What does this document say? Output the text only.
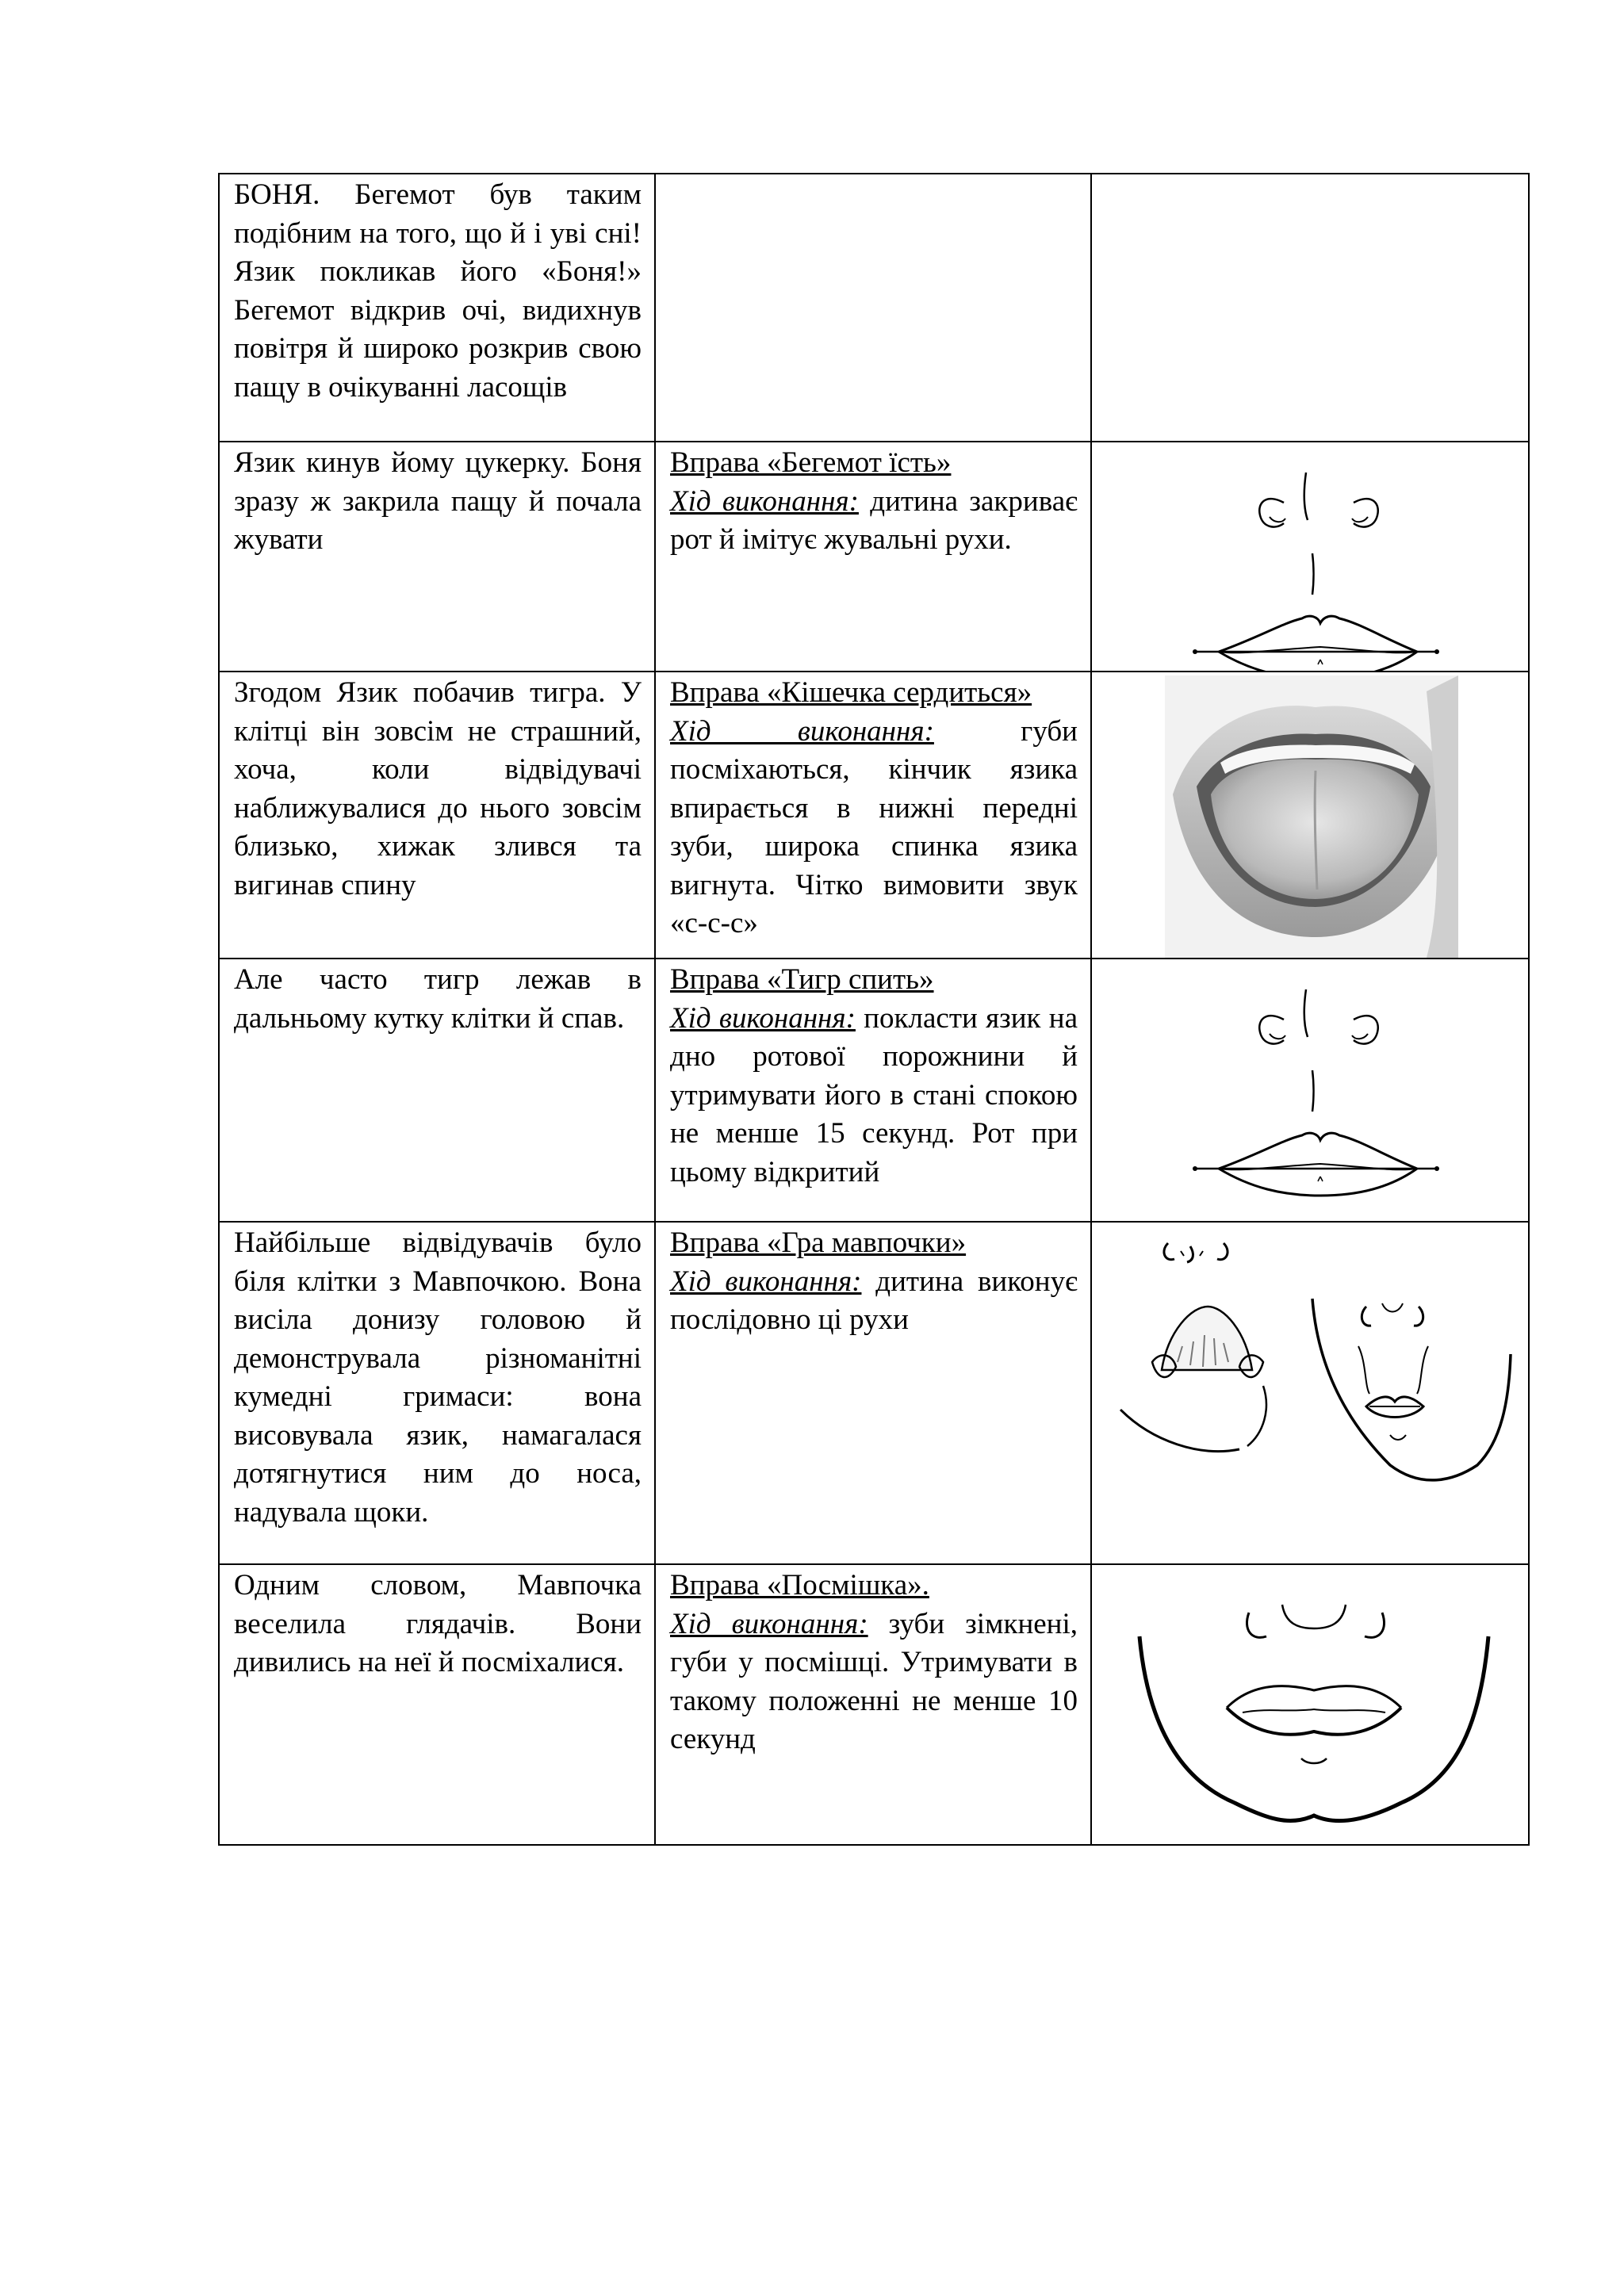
БОНЯ. Бегемот був таким подібним на того, що й і уві сні! Язик покликав його «Боня!» Бегемот відкрив очі, видихнув повітря й широко розкрив свою пащу в очікуванні ласощів		
Язик кинув йому цукерку. Боня зразу ж закрила пащу й почала жувати	Вправа «Бегемот їсть»
Хід виконання: дитина закриває рот й імітує жувальні рухи.	

Згодом Язик побачив тигра. У клітці він зовсім не страшний, хоча, коли відвідувачі наближувалися до нього зовсім близько, хижак злився та вигинав спину	Вправа «Кішечка сердиться»
Хід виконання: губи посміхаються, кінчик язика впирається в нижні передні зуби, широка спинка язика вигнута. Чітко вимовити звук «с-с-с»	

Але часто тигр лежав в дальньому кутку клітки й спав.	Вправа «Тигр спить»
Хід виконання: покласти язик на дно ротової порожнини й утримувати його в стані спокою не менше 15 секунд. Рот при цьому відкритий	

Найбільше відвідувачів було біля клітки з Мавпочкою. Вона висіла донизу головою й демонструвала різноманітні кумедні гримаси: вона висовувала язик, намагалася дотягнутися ним до носа, надувала щоки.	Вправа «Гра мавпочки»
Хід виконання: дитина виконує послідовно ці рухи	

Одним словом, Мавпочка веселила глядачів. Вони дивились на неї й посміхалися.	Вправа «Посмішка».
Хід виконання: зуби зімкнені, губи у посмішці. Утримувати в такому положенні не менше 10 секунд	
